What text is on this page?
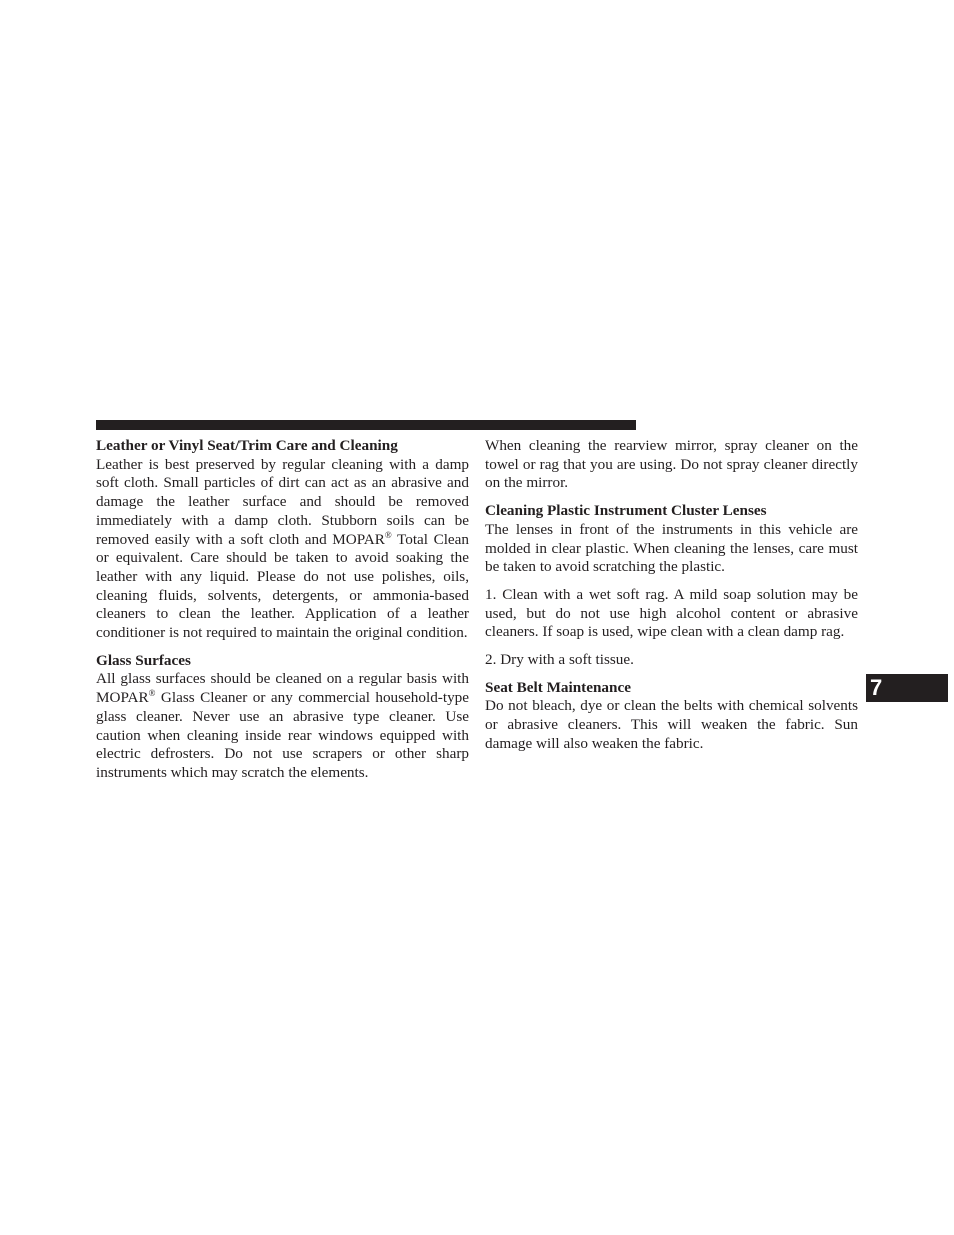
Leather or Vinyl Seat/Trim Care and Cleaning

Leather is best preserved by regular cleaning with a damp soft cloth. Small particles of dirt can act as an abrasive and damage the leather surface and should be removed immediately with a damp cloth. Stubborn soils can be removed easily with a soft cloth and MOPAR® Total Clean or equivalent. Care should be taken to avoid soaking the leather with any liquid. Please do not use polishes, oils, cleaning fluids, solvents, detergents, or ammonia-based cleaners to clean the leather. Application of a leather conditioner is not required to maintain the original condition.

Glass Surfaces

All glass surfaces should be cleaned on a regular basis with MOPAR® Glass Cleaner or any commercial household-type glass cleaner. Never use an abrasive type cleaner. Use caution when cleaning inside rear windows equipped with electric defrosters. Do not use scrapers or other sharp instruments which may scratch the elements.

When cleaning the rearview mirror, spray cleaner on the towel or rag that you are using. Do not spray cleaner directly on the mirror.

Cleaning Plastic Instrument Cluster Lenses

The lenses in front of the instruments in this vehicle are molded in clear plastic. When cleaning the lenses, care must be taken to avoid scratching the plastic.

1. Clean with a wet soft rag. A mild soap solution may be used, but do not use high alcohol content or abrasive cleaners. If soap is used, wipe clean with a clean damp rag.

2. Dry with a soft tissue.

Seat Belt Maintenance

Do not bleach, dye or clean the belts with chemical solvents or abrasive cleaners. This will weaken the fabric. Sun damage will also weaken the fabric.

7
